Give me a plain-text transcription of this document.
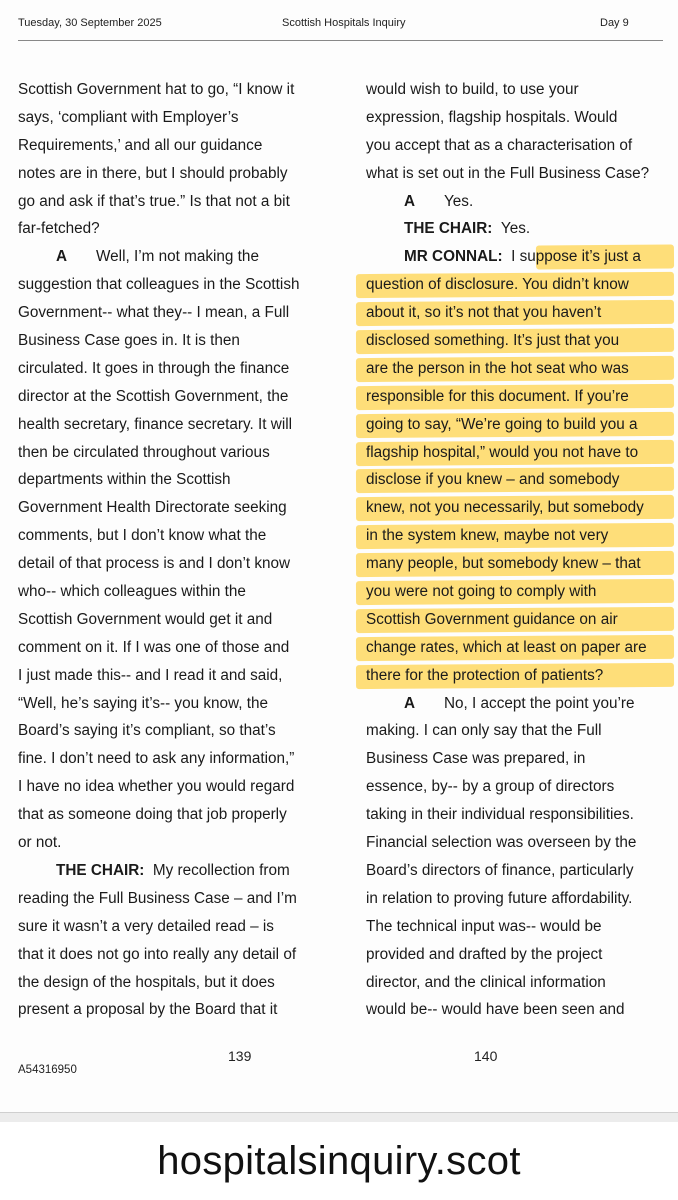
Tuesday, 30 September 2025	Scottish Hospitals Inquiry	Day 9
Scottish Government hat to go, “I know it
says, ‘compliant with Employer’s
Requirements,’ and all our guidance
notes are in there, but I should probably
go and ask if that’s true.” Is that not a bit
far-fetched?
A Well, I’m not making the
suggestion that colleagues in the Scottish
Government-- what they-- I mean, a Full
Business Case goes in. It is then
circulated. It goes in through the finance
director at the Scottish Government, the
health secretary, finance secretary. It will
then be circulated throughout various
departments within the Scottish
Government Health Directorate seeking
comments, but I don’t know what the
detail of that process is and I don’t know
who-- which colleagues within the
Scottish Government would get it and
comment on it. If I was one of those and
I just made this-- and I read it and said,
“Well, he’s saying it’s-- you know, the
Board’s saying it’s compliant, so that’s
fine. I don’t need to ask any information,”
I have no idea whether you would regard
that as someone doing that job properly
or not.
THE CHAIR: My recollection from
reading the Full Business Case – and I’m
sure it wasn’t a very detailed read – is
that it does not go into really any detail of
the design of the hospitals, but it does
present a proposal by the Board that it
would wish to build, to use your
expression, flagship hospitals. Would
you accept that as a characterisation of
what is set out in the Full Business Case?
A Yes.
THE CHAIR: Yes.
MR CONNAL: I suppose it’s just a
question of disclosure. You didn’t know
about it, so it’s not that you haven’t
disclosed something. It’s just that you
are the person in the hot seat who was
responsible for this document. If you’re
going to say, “We’re going to build you a
flagship hospital,” would you not have to
disclose if you knew – and somebody
knew, not you necessarily, but somebody
in the system knew, maybe not very
many people, but somebody knew – that
you were not going to comply with
Scottish Government guidance on air
change rates, which at least on paper are
there for the protection of patients?
A No, I accept the point you’re
making. I can only say that the Full
Business Case was prepared, in
essence, by-- by a group of directors
taking in their individual responsibilities.
Financial selection was overseen by the
Board’s directors of finance, particularly
in relation to proving future affordability.
The technical input was-- would be
provided and drafted by the project
director, and the clinical information
would be-- would have been seen and
139	140
A54316950
hospitalsinquiry.scot
